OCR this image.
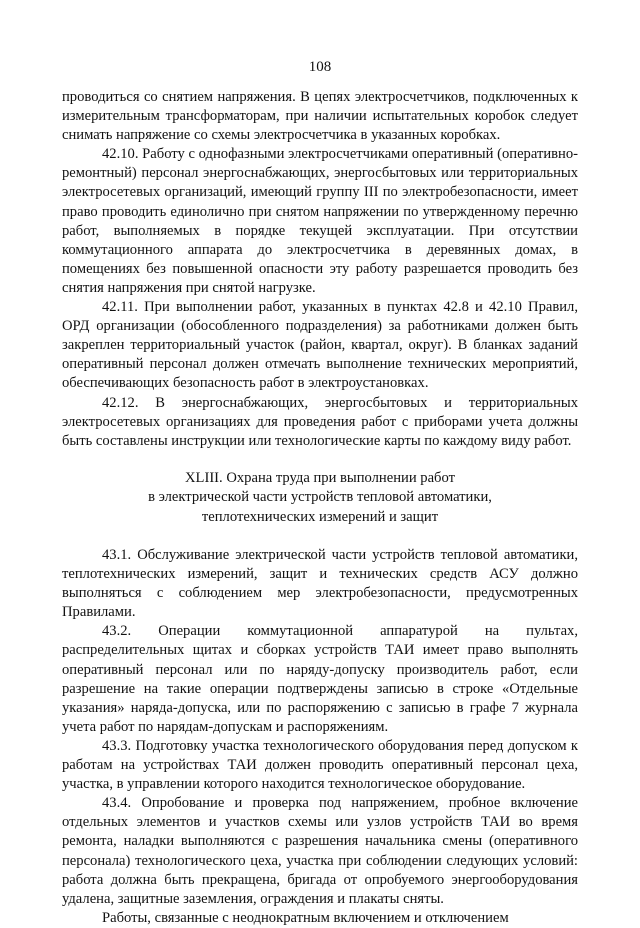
108

проводиться со снятием напряжения. В цепях электросчетчиков, подключенных к измерительным трансформаторам, при наличии испытательных коробок следует снимать напряжение со схемы электросчетчика в указанных коробках.

42.10. Работу с однофазными электросчетчиками оперативный (оперативно-ремонтный) персонал энергоснабжающих, энергосбытовых или территориальных электросетевых организаций, имеющий группу III по электробезопасности, имеет право проводить единолично при снятом напряжении по утвержденному перечню работ, выполняемых в порядке текущей эксплуатации. При отсутствии коммутационного аппарата до электросчетчика в деревянных домах, в помещениях без повышенной опасности эту работу разрешается проводить без снятия напряжения при снятой нагрузке.

42.11. При выполнении работ, указанных в пунктах 42.8 и 42.10 Правил, ОРД организации (обособленного подразделения) за работниками должен быть закреплен территориальный участок (район, квартал, округ). В бланках заданий оперативный персонал должен отмечать выполнение технических мероприятий, обеспечивающих безопасность работ в электроустановках.

42.12. В энергоснабжающих, энергосбытовых и территориальных электросетевых организациях для проведения работ с приборами учета должны быть составлены инструкции или технологические карты по каждому виду работ.

XLIII. Охрана труда при выполнении работ
в электрической части устройств тепловой автоматики,
теплотехнических измерений и защит

43.1. Обслуживание электрической части устройств тепловой автоматики, теплотехнических измерений, защит и технических средств АСУ должно выполняться с соблюдением мер электробезопасности, предусмотренных Правилами.

43.2. Операции коммутационной аппаратурой на пультах, распределительных щитах и сборках устройств ТАИ имеет право выполнять оперативный персонал или по наряду-допуску производитель работ, если разрешение на такие операции подтверждены записью в строке «Отдельные указания» наряда-допуска, или по распоряжению с записью в графе 7 журнала учета работ по нарядам-допускам и распоряжениям.

43.3. Подготовку участка технологического оборудования перед допуском к работам на устройствах ТАИ должен проводить оперативный персонал цеха, участка, в управлении которого находится технологическое оборудование.

43.4. Опробование и проверка под напряжением, пробное включение отдельных элементов и участков схемы или узлов устройств ТАИ во время ремонта, наладки выполняются с разрешения начальника смены (оперативного персонала) технологического цеха, участка при соблюдении следующих условий: работа должна быть прекращена, бригада от опробуемого энергооборудования удалена, защитные заземления, ограждения и плакаты сняты.

Работы, связанные с неоднократным включением и отключением
